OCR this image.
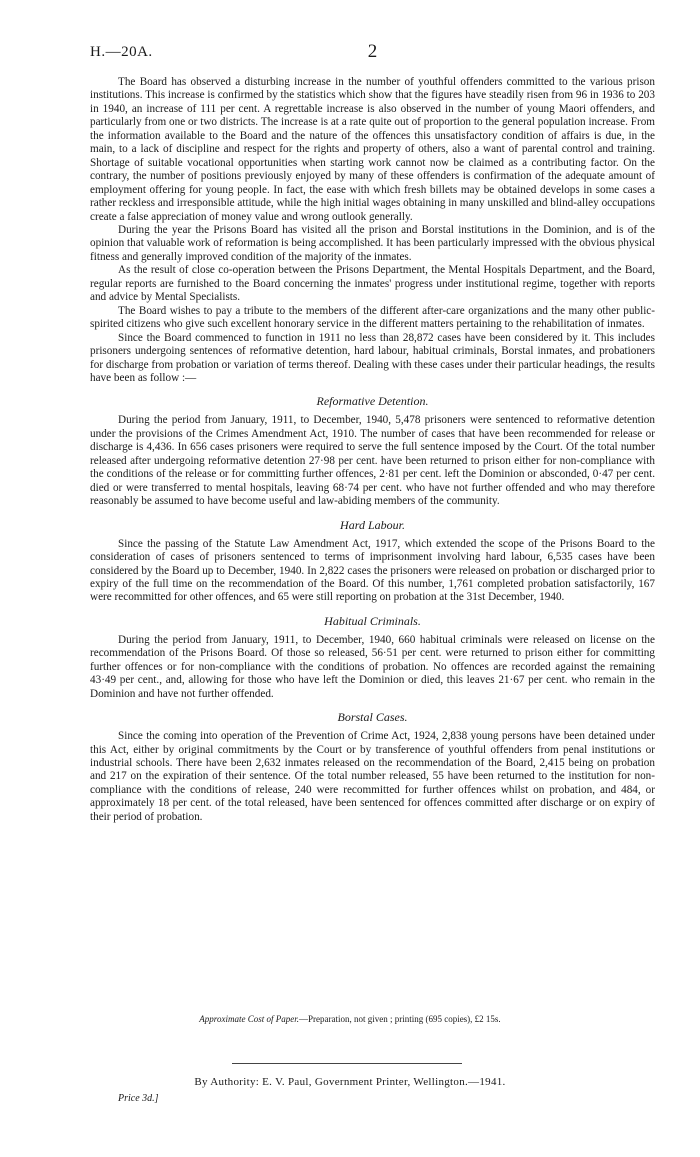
H.—20A.	2

The Board has observed a disturbing increase in the number of youthful offenders committed to the various prison institutions. This increase is confirmed by the statistics which show that the figures have steadily risen from 96 in 1936 to 203 in 1940, an increase of 111 per cent. A regrettable increase is also observed in the number of young Maori offenders, and particularly from one or two districts. The increase is at a rate quite out of proportion to the general population increase. From the information available to the Board and the nature of the offences this unsatisfactory condition of affairs is due, in the main, to a lack of discipline and respect for the rights and property of others, also a want of parental control and training. Shortage of suitable vocational opportunities when starting work cannot now be claimed as a contributing factor. On the contrary, the number of positions previously enjoyed by many of these offenders is confirmation of the adequate amount of employment offering for young people. In fact, the ease with which fresh billets may be obtained develops in some cases a rather reckless and irresponsible attitude, while the high initial wages obtaining in many unskilled and blind-alley occupations create a false appreciation of money value and wrong outlook generally.

During the year the Prisons Board has visited all the prison and Borstal institutions in the Dominion, and is of the opinion that valuable work of reformation is being accomplished. It has been particularly impressed with the obvious physical fitness and generally improved condition of the majority of the inmates.

As the result of close co-operation between the Prisons Department, the Mental Hospitals Department, and the Board, regular reports are furnished to the Board concerning the inmates' progress under institutional regime, together with reports and advice by Mental Specialists.

The Board wishes to pay a tribute to the members of the different after-care organizations and the many other public-spirited citizens who give such excellent honorary service in the different matters pertaining to the rehabilitation of inmates.

Since the Board commenced to function in 1911 no less than 28,872 cases have been considered by it. This includes prisoners undergoing sentences of reformative detention, hard labour, habitual criminals, Borstal inmates, and probationers for discharge from probation or variation of terms thereof. Dealing with these cases under their particular headings, the results have been as follow :—

Reformative Detention.

During the period from January, 1911, to December, 1940, 5,478 prisoners were sentenced to reformative detention under the provisions of the Crimes Amendment Act, 1910. The number of cases that have been recommended for release or discharge is 4,436. In 656 cases prisoners were required to serve the full sentence imposed by the Court. Of the total number released after undergoing reformative detention 27·98 per cent. have been returned to prison either for non-compliance with the conditions of the release or for committing further offences, 2·81 per cent. left the Dominion or absconded, 0·47 per cent. died or were transferred to mental hospitals, leaving 68·74 per cent. who have not further offended and who may therefore reasonably be assumed to have become useful and law-abiding members of the community.

Hard Labour.

Since the passing of the Statute Law Amendment Act, 1917, which extended the scope of the Prisons Board to the consideration of cases of prisoners sentenced to terms of imprisonment involving hard labour, 6,535 cases have been considered by the Board up to December, 1940. In 2,822 cases the prisoners were released on probation or discharged prior to expiry of the full time on the recommendation of the Board. Of this number, 1,761 completed probation satisfactorily, 167 were recommitted for other offences, and 65 were still reporting on probation at the 31st December, 1940.

Habitual Criminals.

During the period from January, 1911, to December, 1940, 660 habitual criminals were released on license on the recommendation of the Prisons Board. Of those so released, 56·51 per cent. were returned to prison either for committing further offences or for non-compliance with the conditions of probation. No offences are recorded against the remaining 43·49 per cent., and, allowing for those who have left the Dominion or died, this leaves 21·67 per cent. who remain in the Dominion and have not further offended.

Borstal Cases.

Since the coming into operation of the Prevention of Crime Act, 1924, 2,838 young persons have been detained under this Act, either by original commitments by the Court or by transference of youthful offenders from penal institutions or industrial schools. There have been 2,632 inmates released on the recommendation of the Board, 2,415 being on probation and 217 on the expiration of their sentence. Of the total number released, 55 have been returned to the institution for non-compliance with the conditions of release, 240 were recommitted for further offences whilst on probation, and 484, or approximately 18 per cent. of the total released, have been sentenced for offences committed after discharge or on expiry of their period of probation.

Approximate Cost of Paper.—Preparation, not given ; printing (695 copies), £2 15s.
By Authority: E. V. Paul, Government Printer, Wellington.—1941.
Price 3d.]
